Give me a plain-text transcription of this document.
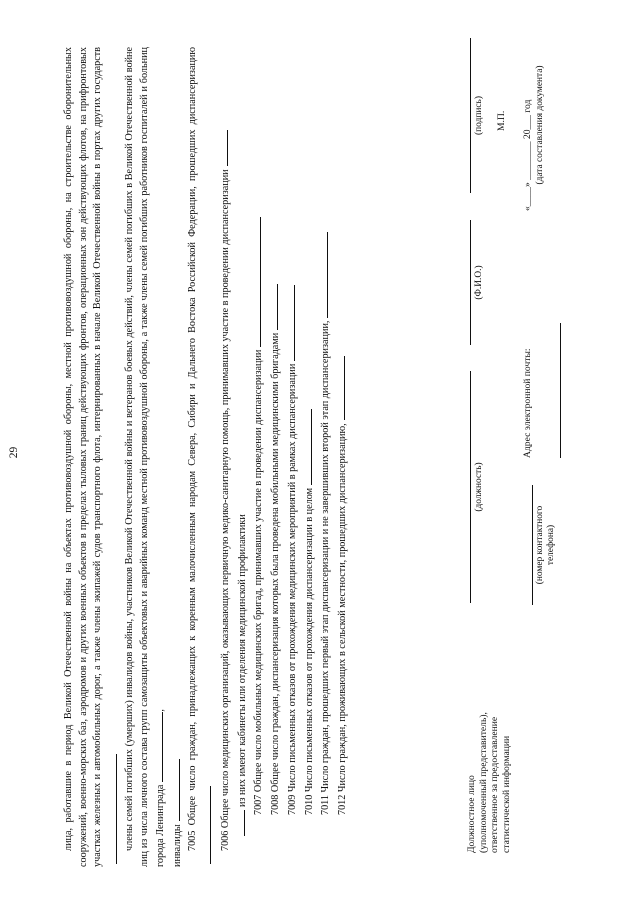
29	лица, работавшие в период Великой Отечественной войны на объектах противовоздушной обороны, местной противовоздушной обороны, на строительстве оборонительных сооружений, военно-морских баз, аэродромов и других военных объектов в пределах тыловых границ действующих фронтов, операционных зон действующих флотов, на прифронтовых участках железных и автомобильных дорог, а также члены экипажей судов транспортного флота, интернированных в начале Великой Отечественной войны в портах других государств	члены семей погибших (умерших) инвалидов войны, участников Великой Отечественной войны и ветеранов боевых действий, члены семей погибших в Великой Отечественной войне лиц из числа личного состава групп самозащиты объектовых и аварийных команд местной противовоздушной обороны, а также члены семей погибших работников госпиталей и больниц города Ленинграда,

инвалиды 7005 Общее число граждан, принадлежащих к коренным малочисленным народам Севера, Сибири и Дальнего Востока Российской Федерации, прошедших диспансеризацию	7006 Общее число медицинских организаций, оказывающих первичную медико-санитарную помощь, принимавших участие в проведении диспансеризации из них имеют кабинеты или отделения медицинской профилактики 7007 Общее число мобильных медицинских бригад, принимавших участие в проведении диспансеризации 7008 Общее число граждан, диспансеризация которых была проведена мобильными медицинскими бригадами 7009 Число письменных отказов от прохождения медицинских мероприятий в рамках диспансеризации 7010 Число письменных отказов от прохождения диспансеризации в целом 7011 Число граждан, прошедших первый этап диспансеризации и не завершивших второй этап диспансеризации, 7012 Число граждан, проживающих в сельской местности, прошедших диспансеризацию,	Должностное лицо (уполномоченный представитель), ответственное за предоставление статистической информации
(должность)
(Ф.И.О.)
(подпись) М.П.
(номер контактного телефона)
Адрес электронной почты:
«____» ________ 20___ год (дата составления документа)
